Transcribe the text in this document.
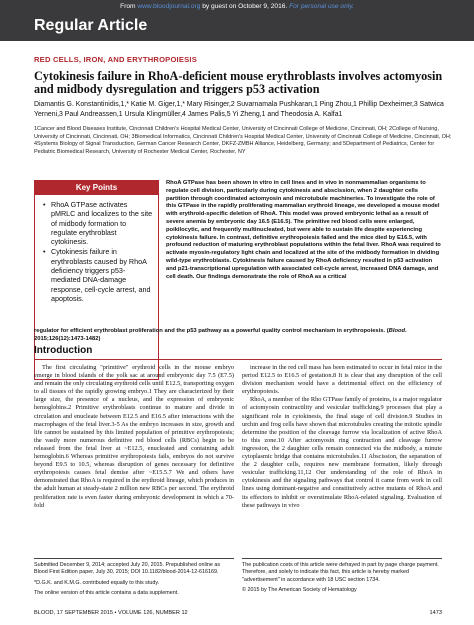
From www.bloodjournal.org by guest on October 9, 2016. For personal use only.
Regular Article
RED CELLS, IRON, AND ERYTHROPOIESIS
Cytokinesis failure in RhoA-deficient mouse erythroblasts involves actomyosin and midbody dysregulation and triggers p53 activation
Diamantis G. Konstantinidis,1,* Katie M. Giger,1,* Mary Risinger,2 Suvarnamala Pushkaran,1 Ping Zhou,1 Phillip Dexheimer,3 Satwica Yerneni,3 Paul Andreassen,1 Ursula Klingmüller,4 James Palis,5 Yi Zheng,1 and Theodosia A. Kalfa1
1Cancer and Blood Diseases Institute, Cincinnati Children's Hospital Medical Center, University of Cincinnati College of Medicine, Cincinnati, OH; 2College of Nursing, University of Cincinnati, Cincinnati, OH; 3Biomedical Informatics, Cincinnati Children's Hospital Medical Center, University of Cincinnati College of Medicine, Cincinnati, OH; 4Systems Biology of Signal Transduction, German Cancer Research Center, DKFZ-ZMBH Alliance, Heidelberg, Germany; and 5Department of Pediatrics, Center for Pediatric Biomedical Research, University of Rochester Medical Center, Rochester, NY
Key Points
• RhoA GTPase activates pMRLC and localizes to the site of midbody formation to regulate erythroblast cytokinesis.
• Cytokinesis failure in erythroblasts caused by RhoA deficiency triggers p53-mediated DNA-damage response, cell-cycle arrest, and apoptosis.
RhoA GTPase has been shown in vitro in cell lines and in vivo in nonmammalian organisms to regulate cell division, particularly during cytokinesis and abscission, when 2 daughter cells partition through coordinated actomyosin and microtubule machineries. To investigate the role of this GTPase in the rapidly proliferating mammalian erythroid lineage, we developed a mouse model with erythroid-specific deletion of RhoA. This model was proved embryonic lethal as a result of severe anemia by embryonic day 16.5 (E16.5). The primitive red blood cells were enlarged, poikilocytic, and frequently multinucleated, but were able to sustain life despite experiencing cytokinesis failure. In contrast, definitive erythropoiesis failed and the mice died by E16.5, with profound reduction of maturing erythroblast populations within the fetal liver. RhoA was required to activate myosin-regulatory light chain and localized at the site of the midbody formation in dividing wild-type erythroblasts. Cytokinesis failure caused by RhoA deficiency resulted in p53 activation and p21-transcriptional upregulation with associated cell-cycle arrest, increased DNA damage, and cell death. Our findings demonstrate the role of RhoA as a critical
regulator for efficient erythroblast proliferation and the p53 pathway as a powerful quality control mechanism in erythropoiesis. (Blood. 2015;126(12):1473-1482)
Introduction

The first circulating "primitive" erythroid cells in the mouse embryo emerge in blood islands of the yolk sac at around embryonic day 7.5 (E7.5) and remain the only circulating erythroid cells until E12.5, transporting oxygen to all tissues of the rapidly growing embryo.1 They are characterized by their large size, the presence of a nucleus, and the expression of embryonic hemoglobins.2 Primitive erythroblasts continue to mature and divide in circulation and enucleate between E12.5 and E16.5 after interactions with the macrophages of the fetal liver.3-5 As the embryo increases in size, growth and life cannot be sustained by this limited population of primitive erythropoiesis; the vastly more numerous definitive red blood cells (RBCs) begin to be released from the fetal liver at ~E12.5, enucleated and containing adult hemoglobin.6 Whereas primitive erythropoiesis fails, embryos do not survive beyond E9.5 to 10.5, whereas disruption of genes necessary for definitive erythropoiesis causes fetal demise after ~E15.5.7 We and others have demonstrated that RhoA is required in the erythroid lineage, which produces in the adult human at steady-state 2 million new RBCs per second. The erythroid proliferation rate is even faster during embryonic development in which a 70-fold

increase in the red cell mass has been estimated to occur in fetal mice in the period E12.5 to E16.5 of gestation.8 It is clear that any disruption of the cell division mechanism would have a detrimental effect on the efficiency of erythropoiesis.

RhoA, a member of the Rho GTPase family of proteins, is a major regulator of actomyosin contractility and vesicular trafficking,9 processes that play a significant role in cytokinesis, the final stage of cell division.9 Studies in urchin and frog cells have shown that microtubules creating the mitotic spindle determine the position of the cleavage furrow via localization of active RhoA to this zone.10 After actomyosin ring contraction and cleavage furrow ingression, the 2 daughter cells remain connected via the midbody, a minute cytoplasmic bridge that contains microtubules.11 Abscission, the separation of the 2 daughter cells, requires new membrane formation, likely through vesicular trafficking.11,12 Our understanding of the role of RhoA in cytokinesis and the signaling pathways that control it came from work in cell lines using dominant-negative and constitutively active mutants of RhoA and its effectors to inhibit or overstimulate RhoA-related signaling. Evaluation of these pathways in vivo

Submitted December 9, 2014; accepted July 20, 2015. Prepublished online as Blood First Edition paper, July 30, 2015; DOI 10.1182/blood-2014-12-616169.

*D.G.K. and K.M.G. contributed equally to this study.

The online version of this article contains a data supplement.

The publication costs of this article were defrayed in part by page charge payment. Therefore, and solely to indicate this fact, this article is hereby marked "advertisement" in accordance with 18 USC section 1734.

© 2015 by The American Society of Hematology

BLOOD, 17 SEPTEMBER 2015 • VOLUME 126, NUMBER 12	1473
